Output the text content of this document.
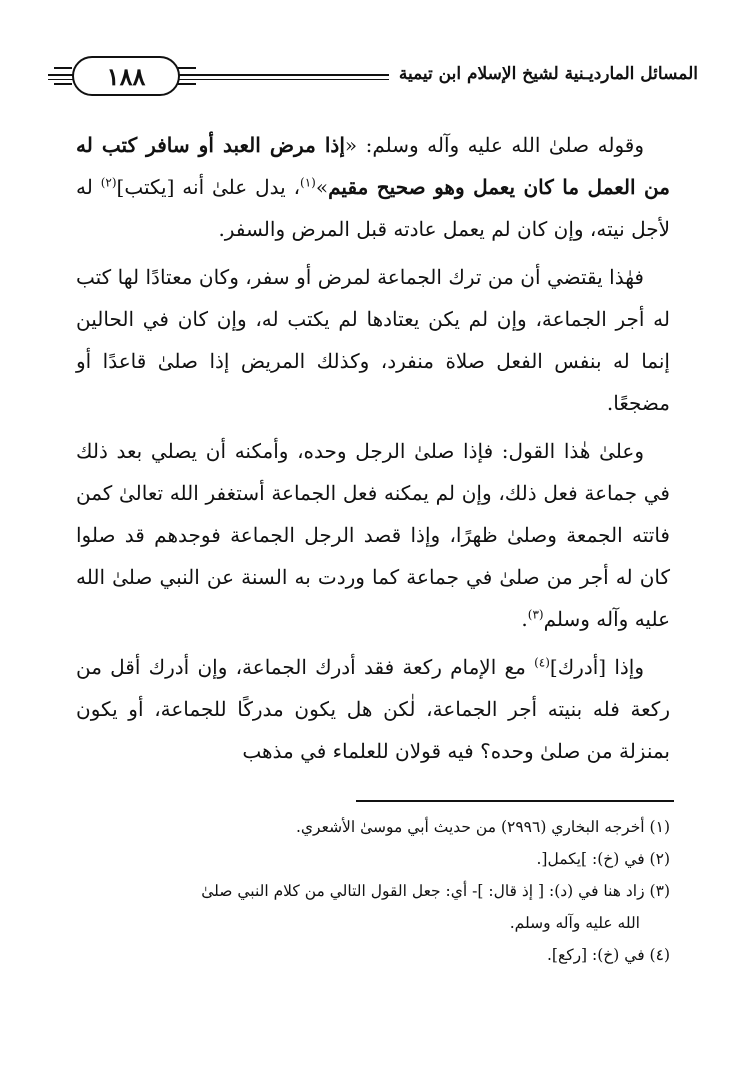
المسائل المارديـنية لشيخ الإسلام ابن تيمية
١٨٨

وقوله صلىٰ الله عليه وآله وسلم: «إذا مرض العبد أو سافر كتب له من العمل ما كان يعمل وهو صحيح مقيم»$^{(١)}$، يدل علىٰ أنه [يكتب]$^{(٢)}$ له لأجل نيته، وإن كان لم يعمل عادته قبل المرض والسفر.

فهٰذا يقتضي أن من ترك الجماعة لمرض أو سفر، وكان معتادًا لها كتب له أجر الجماعة، وإن لم يكن يعتادها لم يكتب له، وإن كان في الحالين إنما له بنفس الفعل صلاة منفرد، وكذلك المريض إذا صلىٰ قاعدًا أو مضجعًا.

وعلىٰ هٰذا القول: فإذا صلىٰ الرجل وحده، وأمكنه أن يصلي بعد ذلك في جماعة فعل ذلك، وإن لم يمكنه فعل الجماعة أستغفر الله تعالىٰ كمن فاتته الجمعة وصلىٰ ظهرًا، وإذا قصد الرجل الجماعة فوجدهم قد صلوا كان له أجر من صلىٰ في جماعة كما وردت به السنة عن النبي صلىٰ الله عليه وآله وسلم$^{(٣)}$.

وإذا [أدرك]$^{(٤)}$ مع الإمام ركعة فقد أدرك الجماعة، وإن أدرك أقل من ركعة فله بنيته أجر الجماعة، لٰكن هل يكون مدركًا للجماعة، أو يكون بمنزلة من صلىٰ وحده؟ فيه قولان للعلماء في مذهب

(١) أخرجه البخاري (٢٩٩٦) من حديث أبي موسىٰ الأشعري.

(٢) في (خ): ]يكمل[.

(٣) زاد هنا في (د): [ إذ قال: ]- أي: جعل القول التالي من كلام النبي صلىٰ
الله عليه وآله وسلم.

(٤) في (خ): [ركع].
